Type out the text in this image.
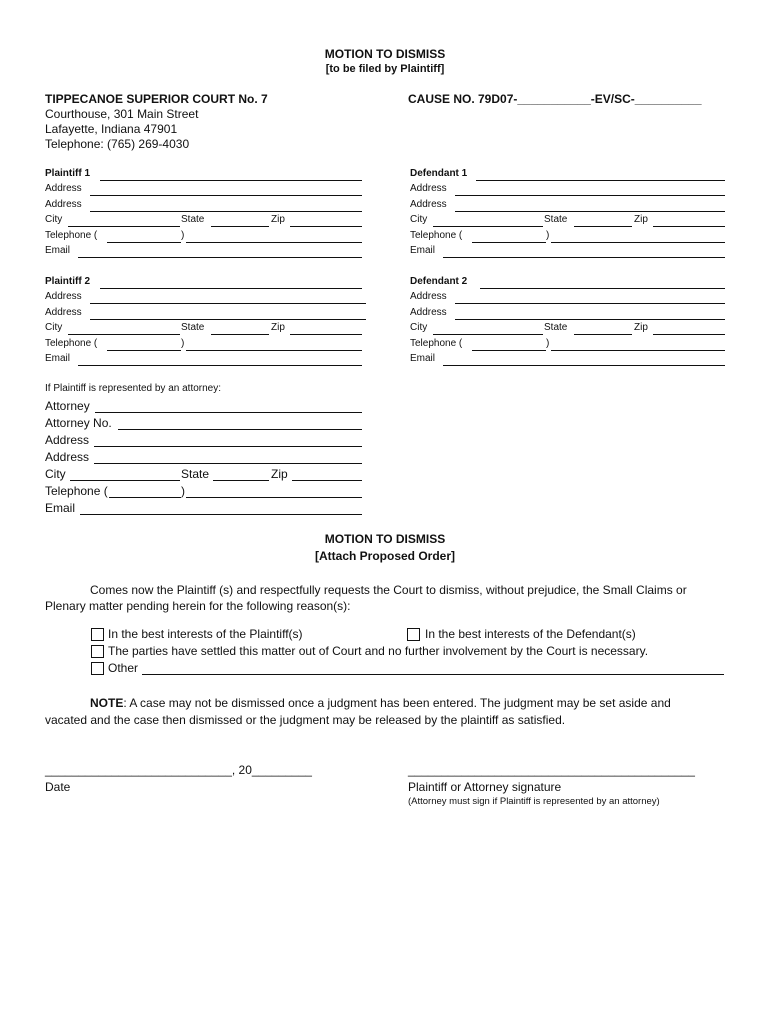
MOTION TO DISMISS
[to be filed by Plaintiff]
TIPPECANOE SUPERIOR COURT No. 7
Courthouse, 301 Main Street
Lafayette, Indiana 47901
Telephone: (765) 269-4030
CAUSE NO. 79D07-___________-EV/SC-__________
Plaintiff 1
Address
Address
City	State	Zip
Telephone (	)
Email
Defendant 1
Address
Address
City	State	Zip
Telephone (	)
Email
Plaintiff 2
Address
Address
City	State	Zip
Telephone (	)
Email
Defendant 2
Address
Address
City	State	Zip
Telephone (	)
Email
If Plaintiff is represented by an attorney:
Attorney
Attorney No.
Address
Address
City	State	Zip
Telephone (	)
Email
MOTION TO DISMISS
[Attach Proposed Order]
Comes now the Plaintiff (s) and respectfully requests the Court to dismiss, without prejudice, the Small Claims or
Plenary matter pending herein for the following reason(s):
In the best interests of the Plaintiff(s)	In the best interests of the Defendant(s)
The parties have settled this matter out of Court and no further involvement by the Court is necessary.
Other
NOTE: A case may not be dismissed once a judgment has been entered. The judgment may be set aside and
vacated and the case then dismissed or the judgment may be released by the plaintiff as satisfied.
____________________________, 20_________
Date
___________________________________________
Plaintiff or Attorney signature
(Attorney must sign if Plaintiff is represented by an attorney)
